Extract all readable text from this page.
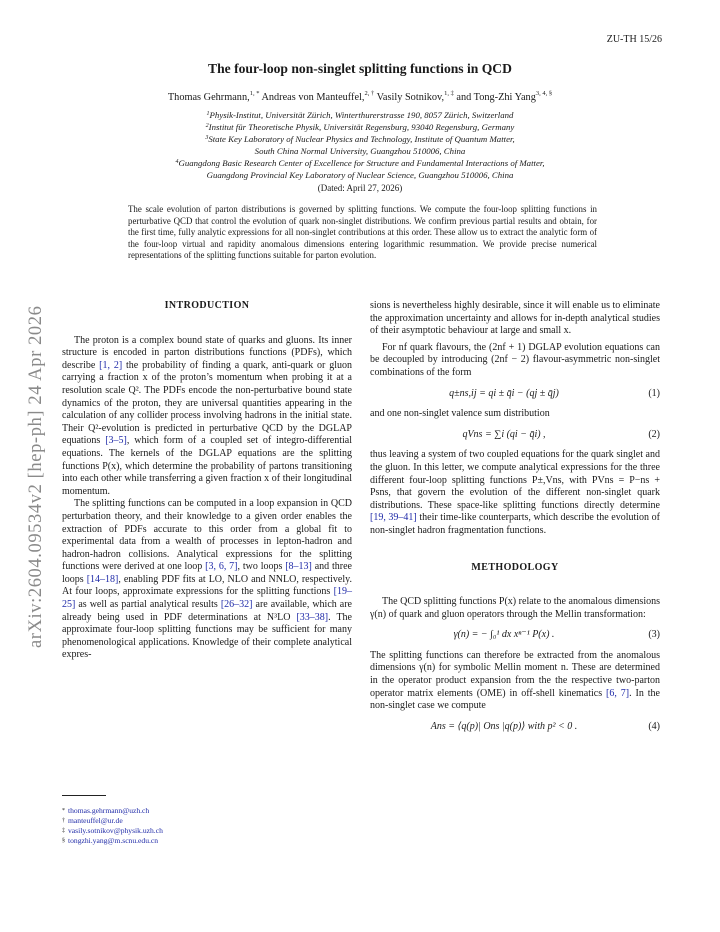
ZU-TH 15/26
arXiv:2604.09534v2 [hep-ph] 24 Apr 2026
The four-loop non-singlet splitting functions in QCD
Thomas Gehrmann,$^{1, *}$ Andreas von Manteuffel,$^{2, \dagger}$ Vasily Sotnikov,$^{1, \ddagger}$ and Tong-Zhi Yang$^{3, 4, \S}$
$^1$Physik-Institut, Universität Zürich, Winterthurerstrasse 190, 8057 Zürich, Switzerland
$^2$Institut für Theoretische Physik, Universität Regensburg, 93040 Regensburg, Germany
$^3$State Key Laboratory of Nuclear Physics and Technology, Institute of Quantum Matter,
South China Normal University, Guangzhou 510006, China
$^4$Guangdong Basic Research Center of Excellence for Structure and Fundamental Interactions of Matter,
Guangdong Provincial Key Laboratory of Nuclear Science, Guangzhou 510006, China
(Dated: April 27, 2026)
The scale evolution of parton distributions is governed by splitting functions. We compute the four-loop splitting functions in perturbative QCD that control the evolution of quark non-singlet distributions. We confirm previous partial results and obtain, for the first time, fully analytic expressions for all non-singlet contributions at this order. These allow us to extract the analytic form of the four-loop virtual and rapidity anomalous dimensions entering logarithmic resummation. We provide precise numerical representations of the splitting functions suitable for parton evolution.
INTRODUCTION

The proton is a complex bound state of quarks and gluons. Its inner structure is encoded in parton distributions functions (PDFs), which describe [1, 2] the probability of finding a quark, anti-quark or gluon carrying a fraction x of the proton’s momentum when probing it at a resolution scale Q². The PDFs encode the non-perturbative bound state dynamics of the proton, they are universal quantities appearing in the calculation of any collider process involving hadrons in the initial state. Their Q²-evolution is predicted in perturbative QCD by the DGLAP equations [3–5], which form of a coupled set of integro-differential equations. The kernels of the DGLAP equations are the splitting functions P(x), which determine the probability of partons transitioning into each other while transferring a given fraction x of their longitudinal momentum.

The splitting functions can be computed in a loop expansion in QCD perturbation theory, and their knowledge to a given order enables the extraction of PDFs accurate to this order from a global fit to experimental data from a wealth of processes in lepton-hadron and hadron-hadron collisions. Analytical expressions for the splitting functions were derived at one loop [3, 6, 7], two loops [8–13] and three loops [14–18], enabling PDF fits at LO, NLO and NNLO, respectively. At four loops, approximate expressions for the splitting functions [19–25] as well as partial analytical results [26–32] are available, which are already being used in PDF determinations at N³LO [33–38]. The approximate four-loop splitting functions may be sufficient for many phenomenological applications. Knowledge of their complete analytical expres-

sions is nevertheless highly desirable, since it will enable us to eliminate the approximation uncertainty and allows for in-depth analytical studies of their asymptotic behaviour at large and small x.

For nf quark flavours, the (2nf + 1) DGLAP evolution equations can be decoupled by introducing (2nf − 2) flavour-asymmetric non-singlet combinations of the form

q±ns,ij = qi ± q̄i − (qj ± q̄j)	(1)

and one non-singlet valence sum distribution

qVns = ∑i (qi − q̄i) ,	(2)

thus leaving a system of two coupled equations for the quark singlet and the gluon. In this letter, we compute analytical expressions for the three different four-loop splitting functions P±,Vns, with PVns = P−ns + Psns, that govern the evolution of the different non-singlet quark distributions. These space-like splitting functions directly determine [19, 39–41] their time-like counterparts, which describe the evolution of non-singlet hadron fragmentation functions.

METHODOLOGY

The QCD splitting functions P(x) relate to the anomalous dimensions γ(n) of quark and gluon operators through the Mellin transformation:

γ(n) = − ∫₀¹ dx xⁿ⁻¹ P(x) .	(3)

The splitting functions can therefore be extracted from the anomalous dimensions γ(n) for symbolic Mellin moment n. These are determined in the operator product expansion from the the respective two-parton operator matrix elements (OME) in off-shell kinematics [6, 7]. In the non-singlet case we compute

Ans = ⟨q(p)| Ons |q(p)⟩ with p² < 0 .	(4)
* thomas.gehrmann@uzh.ch
† manteuffel@ur.de
‡ vasily.sotnikov@physik.uzh.ch
§ tongzhi.yang@m.scnu.edu.cn
